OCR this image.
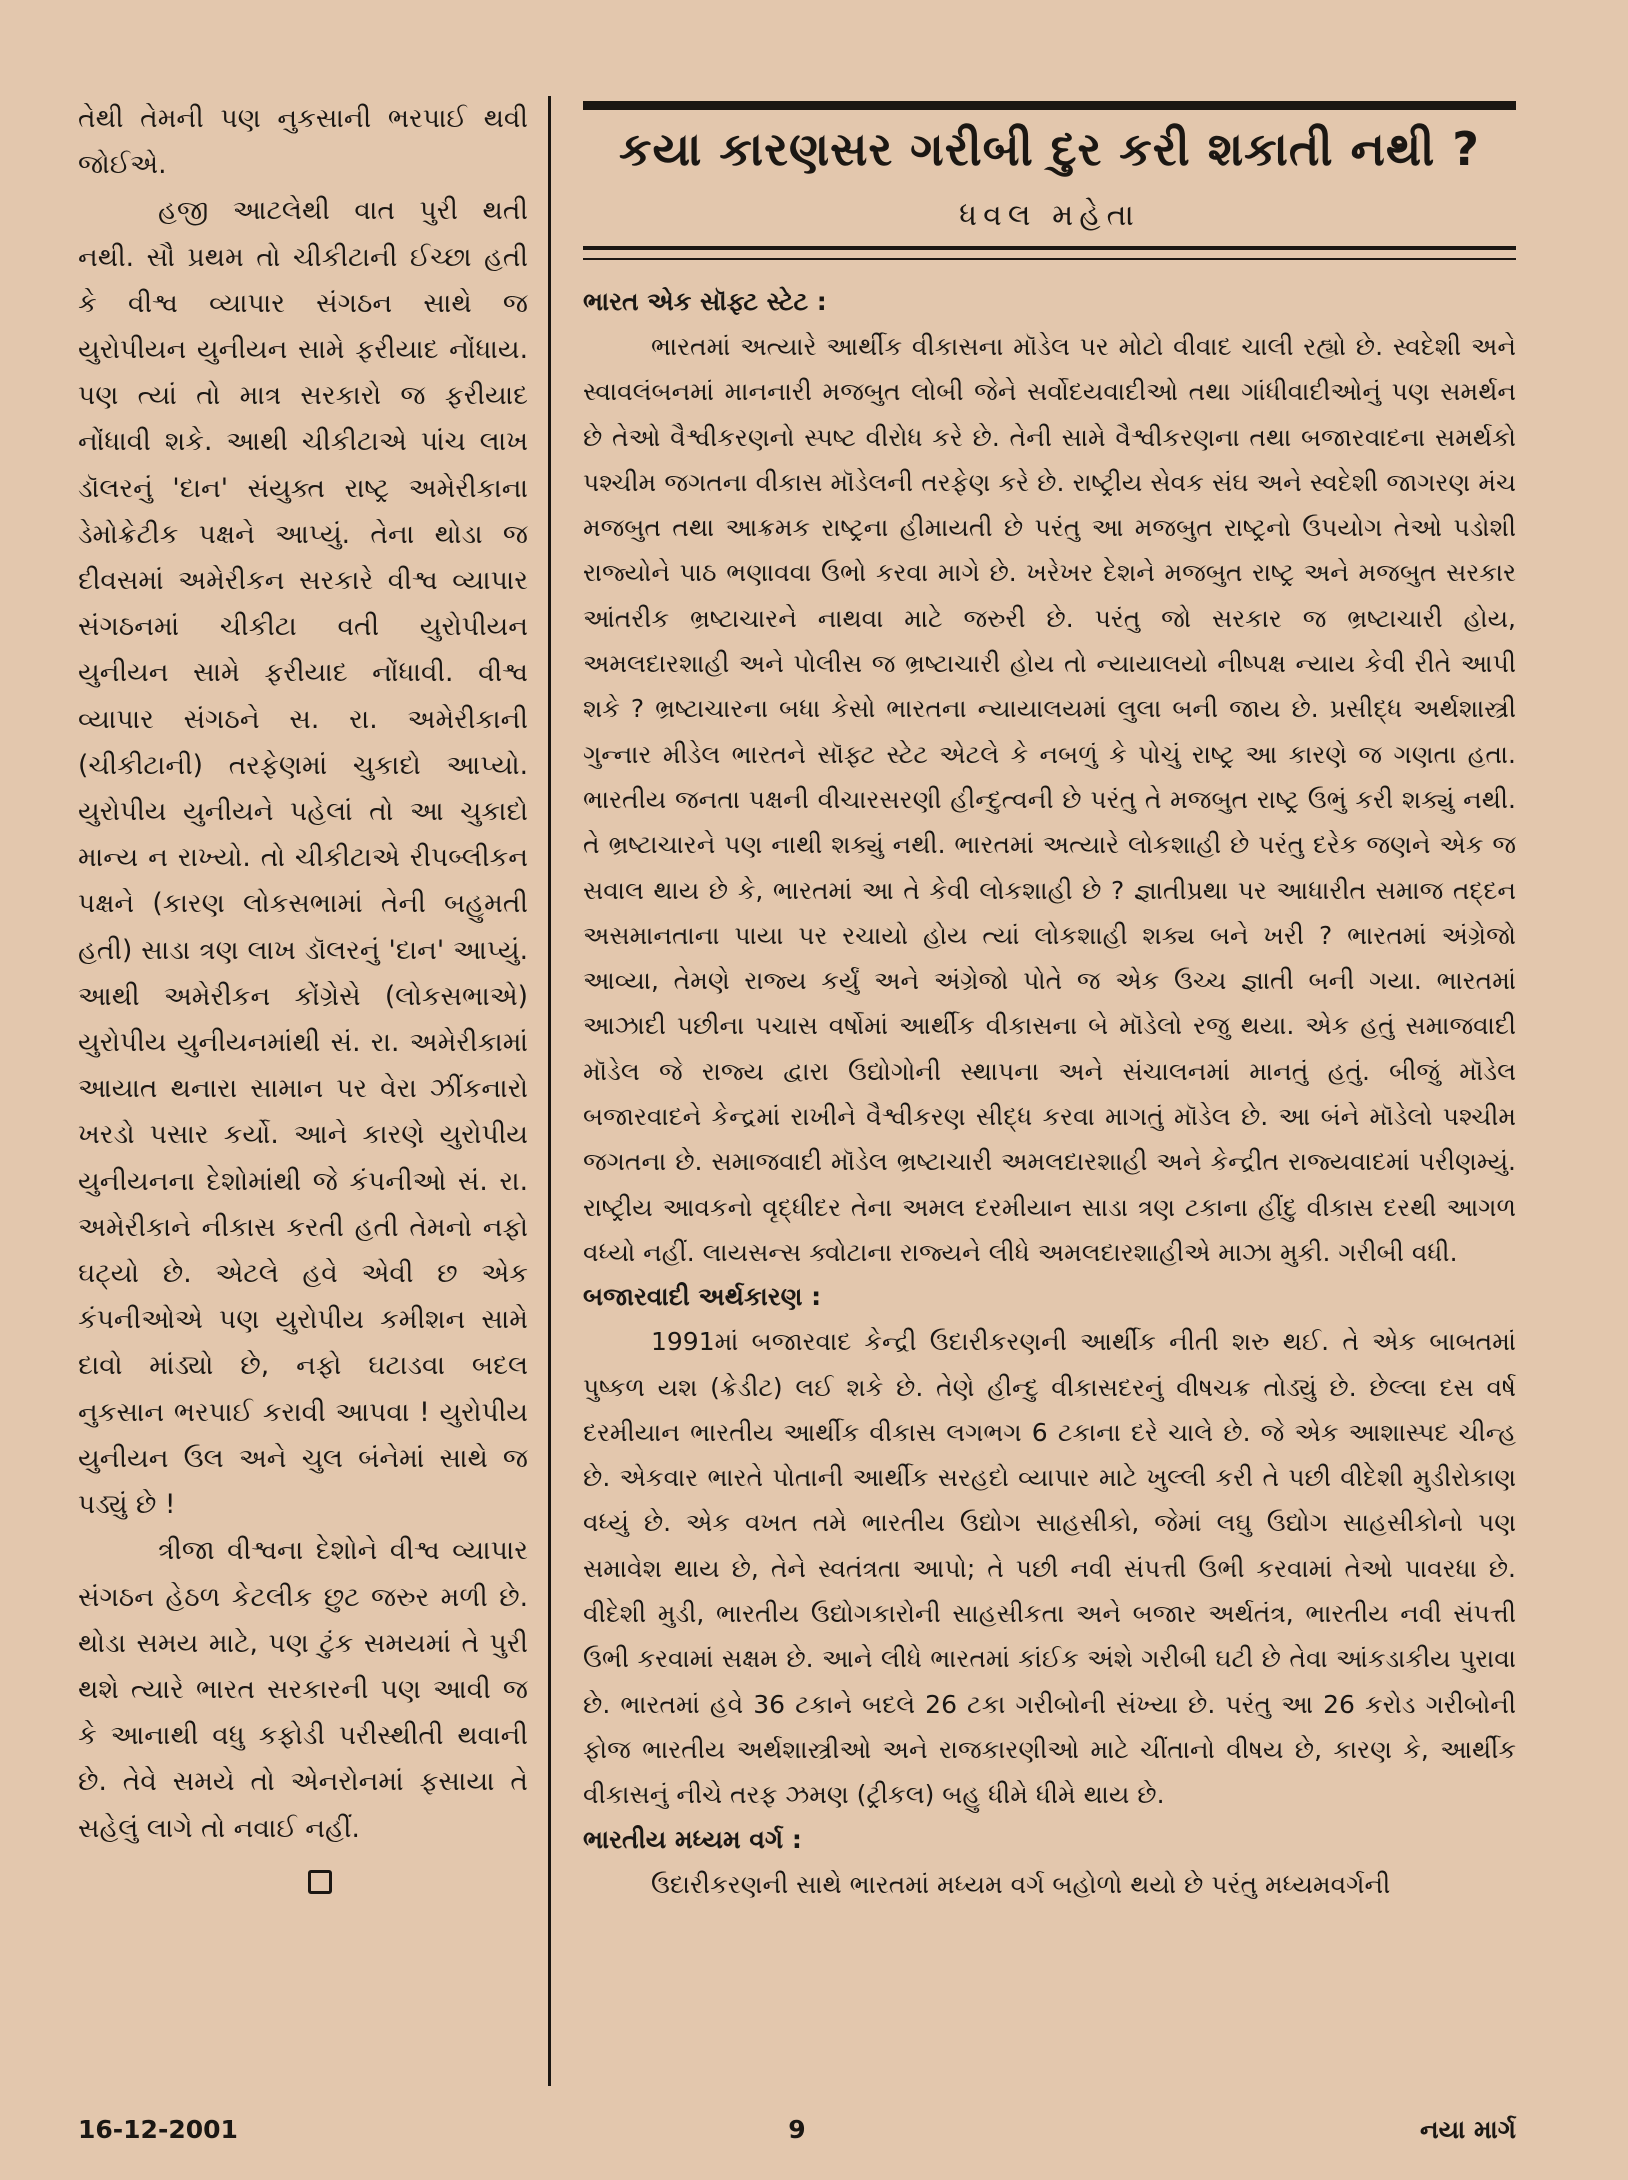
તેથી તેમની પણ નુકસાની ભરપાઈ થવી જોઈએ.

હજી આટલેથી વાત પુરી થતી નથી. સૌ પ્રથમ તો ચીકીટાની ઈચ્છા હતી કે વીશ્વ વ્યાપાર સંગઠન સાથે જ યુરોપીયન યુનીયન સામે ફરીયાદ નોંધાય. પણ ત્યાં તો માત્ર સરકારો જ ફરીયાદ નોંધાવી શકે. આથી ચીકીટાએ પાંચ લાખ ડૉલરનું 'દાન' સંયુક્ત રાષ્ટ્ર અમેરીકાના ડેમોક્રેટીક પક્ષને આપ્યું. તેના થોડા જ દીવસમાં અમેરીકન સરકારે વીશ્વ વ્યાપાર સંગઠનમાં ચીકીટા વતી યુરોપીયન યુનીયન સામે ફરીયાદ નોંધાવી. વીશ્વ વ્યાપાર સંગઠને સ. રા. અમેરીકાની (ચીકીટાની) તરફેણમાં ચુકાદો આપ્યો. યુરોપીય યુનીયને પહેલાં તો આ ચુકાદો માન્ય ન રાખ્યો. તો ચીકીટાએ રીપબ્લીકન પક્ષને (કારણ લોકસભામાં તેની બહુમતી હતી) સાડા ત્રણ લાખ ડૉલરનું 'દાન' આપ્યું. આથી અમેરીકન કોંગ્રેસે (લોકસભાએ) યુરોપીય યુનીયનમાંથી સં. રા. અમેરીકામાં આયાત થનારા સામાન પર વેરા ઝીંકનારો ખરડો પસાર કર્યો. આને કારણે યુરોપીય યુનીયનના દેશોમાંથી જે કંપનીઓ સં. રા. અમેરીકાને નીકાસ કરતી હતી તેમનો નફો ઘટ્યો છે. એટલે હવે એવી છ એક કંપનીઓએ પણ યુરોપીય કમીશન સામે દાવો માંડ્યો છે, નફો ઘટાડવા બદલ નુકસાન ભરપાઈ કરાવી આપવા ! યુરોપીય યુનીયન ઉલ અને ચુલ બંનેમાં સાથે જ પડ્યું છે !

ત્રીજા વીશ્વના દેશોને વીશ્વ વ્યાપાર સંગઠન હેઠળ કેટલીક છુટ જરુર મળી છે. થોડા સમય માટે, પણ ટુંક સમયમાં તે પુરી થશે ત્યારે ભારત સરકારની પણ આવી જ કે આનાથી વધુ કફોડી પરીસ્થીતી થવાની છે. તેવે સમયે તો એનરોનમાં ફસાયા તે સહેલું લાગે તો નવાઈ નહીં.

કયા કારણસર ગરીબી દુર કરી શકાતી નથી ?
ધવલ મહેતા
ભારત એક સૉફ્ટ સ્ટેટ :

ભારતમાં અત્યારે આર્થીક વીકાસના મૉડેલ પર મોટો વીવાદ ચાલી રહ્યો છે. સ્વદેશી અને સ્વાવલંબનમાં માનનારી મજબુત લોબી જેને સર્વોદયવાદીઓ તથા ગાંધીવાદીઓનું પણ સમર્થન છે તેઓ વૈશ્વીકરણનો સ્પષ્ટ વીરોધ કરે છે. તેની સામે વૈશ્વીકરણના તથા બજારવાદના સમર્થકો પશ્ચીમ જગતના વીકાસ મૉડેલની તરફેણ કરે છે. રાષ્ટ્રીય સેવક સંઘ અને સ્વદેશી જાગરણ મંચ મજબુત તથા આક્રમક રાષ્ટ્રના હીમાયતી છે પરંતુ આ મજબુત રાષ્ટ્રનો ઉપયોગ તેઓ પડોશી રાજ્યોને પાઠ ભણાવવા ઉભો કરવા માગે છે. ખરેખર દેશને મજબુત રાષ્ટ્ર અને મજબુત સરકાર આંતરીક ભ્રષ્ટાચારને નાથવા માટે જરુરી છે. પરંતુ જો સરકાર જ ભ્રષ્ટાચારી હોય, અમલદારશાહી અને પોલીસ જ ભ્રષ્ટાચારી હોય તો ન્યાયાલયો નીષ્પક્ષ ન્યાય કેવી રીતે આપી શકે ? ભ્રષ્ટાચારના બધા કેસો ભારતના ન્યાયાલયમાં લુલા બની જાય છે. પ્રસીદ્ધ અર્થશાસ્ત્રી ગુન્નાર મીડેલ ભારતને સૉફ્ટ સ્ટેટ એટલે કે નબળું કે પોચું રાષ્ટ્ર આ કારણે જ ગણતા હતા. ભારતીય જનતા પક્ષની વીચારસરણી હીન્દુત્વની છે પરંતુ તે મજબુત રાષ્ટ્ર ઉભું કરી શક્યું નથી. તે ભ્રષ્ટાચારને પણ નાથી શક્યું નથી. ભારતમાં અત્યારે લોકશાહી છે પરંતુ દરેક જણને એક જ સવાલ થાય છે કે, ભારતમાં આ તે કેવી લોકશાહી છે ? જ્ઞાતીપ્રથા પર આધારીત સમાજ તદ્દન અસમાનતાના પાયા પર રચાયો હોય ત્યાં લોકશાહી શક્ય બને ખરી ? ભારતમાં અંગ્રેજો આવ્યા, તેમણે રાજ્ય કર્યું અને અંગ્રેજો પોતે જ એક ઉચ્ચ જ્ઞાતી બની ગયા. ભારતમાં આઝાદી પછીના પચાસ વર્ષોમાં આર્થીક વીકાસના બે મૉડેલો રજુ થયા. એક હતું સમાજવાદી મૉડેલ જે રાજ્ય દ્વારા ઉદ્યોગોની સ્થાપના અને સંચાલનમાં માનતું હતું. બીજું મૉડેલ બજારવાદને કેન્દ્રમાં રાખીને વૈશ્વીકરણ સીદ્ધ કરવા માગતું મૉડેલ છે. આ બંને મૉડેલો પશ્ચીમ જગતના છે. સમાજવાદી મૉડેલ ભ્રષ્ટાચારી અમલદારશાહી અને કેન્દ્રીત રાજ્યવાદમાં પરીણમ્યું. રાષ્ટ્રીય આવકનો વૃદ્ધીદર તેના અમલ દરમીયાન સાડા ત્રણ ટકાના હીંદુ વીકાસ દરથી આગળ વધ્યો નહીં. લાયસન્સ ક્વોટાના રાજ્યને લીધે અમલદારશાહીએ માઝા મુકી. ગરીબી વધી.

બજારવાદી અર્થકારણ :

1991માં બજારવાદ કેન્દ્રી ઉદારીકરણની આર્થીક નીતી શરુ થઈ. તે એક બાબતમાં પુષ્કળ યશ (ક્રેડીટ) લઈ શકે છે. તેણે હીન્દુ વીકાસદરનું વીષચક્ર તોડ્યું છે. છેલ્લા દસ વર્ષ દરમીયાન ભારતીય આર્થીક વીકાસ લગભગ 6 ટકાના દરે ચાલે છે. જે એક આશાસ્પદ ચીન્હ છે. એકવાર ભારતે પોતાની આર્થીક સરહદો વ્યાપાર માટે ખુલ્લી કરી તે પછી વીદેશી મુડીરોકાણ વધ્યું છે. એક વખત તમે ભારતીય ઉદ્યોગ સાહસીકો, જેમાં લઘુ ઉદ્યોગ સાહસીકોનો પણ સમાવેશ થાય છે, તેને સ્વતંત્રતા આપો; તે પછી નવી સંપત્તી ઉભી કરવામાં તેઓ પાવરધા છે. વીદેશી મુડી, ભારતીય ઉદ્યોગકારોની સાહસીકતા અને બજાર અર્થતંત્ર, ભારતીય નવી સંપત્તી ઉભી કરવામાં સક્ષમ છે. આને લીધે ભારતમાં કાંઈક અંશે ગરીબી ઘટી છે તેવા આંકડાકીય પુરાવા છે. ભારતમાં હવે 36 ટકાને બદલે 26 ટકા ગરીબોની સંખ્યા છે. પરંતુ આ 26 કરોડ ગરીબોની ફોજ ભારતીય અર્થશાસ્ત્રીઓ અને રાજકારણીઓ માટે ચીંતાનો વીષય છે, કારણ કે, આર્થીક વીકાસનું નીચે તરફ ઝમણ (ટ્રીકલ) બહુ ધીમે ધીમે થાય છે.

ભારતીય મધ્યમ વર્ગ :

ઉદારીકરણની સાથે ભારતમાં મધ્યમ વર્ગ બહોળો થયો છે પરંતુ મધ્યમવર્ગની

16-12-2001	9	નયા માર્ગ
